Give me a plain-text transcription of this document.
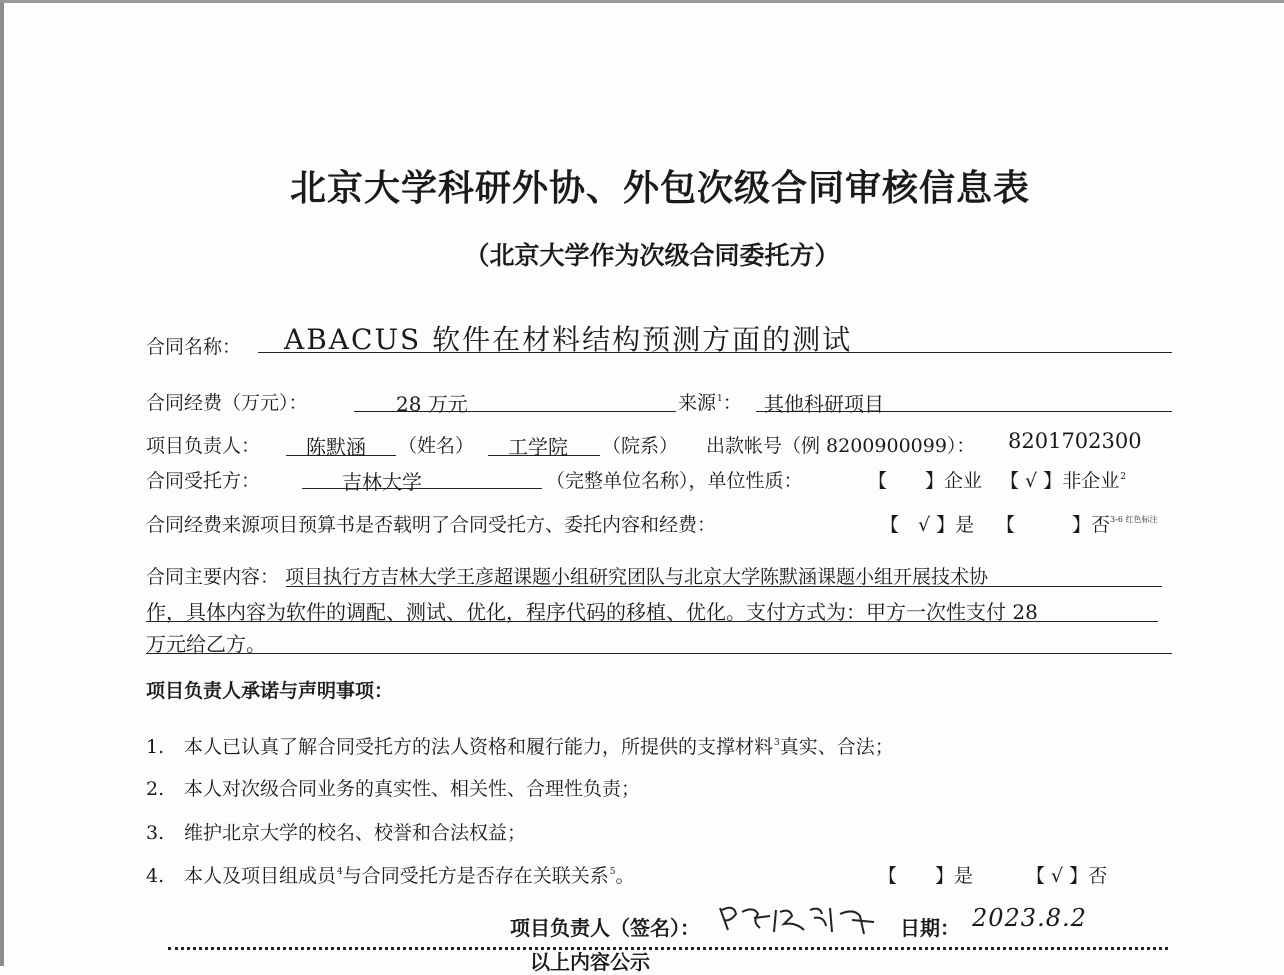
北京大学科研外协、外包次级合同审核信息表
（北京大学作为次级合同委托方）
合同名称： ABACUS 软件在材料结构预测方面的测试
合同经费（万元）：	28 万元	来源$^1$： 其他科研项目
项目负责人： 陈默涵 （姓名） 工学院 （院系） 出款帐号（例 8200900099）： 8201702300
合同受托方：	吉林大学	（完整单位名称），单位性质：	【　　】企业 【 √ 】非企业$^2$
合同经费来源项目预算书是否载明了合同受托方、委托内容和经费：	【　√ 】是 【　　　】否$^{3-6 红色标注}$
合同主要内容： 项目执行方吉林大学王彦超课题小组研究团队与北京大学陈默涵课题小组开展技术协
作，具体内容为软件的调配、测试、优化，程序代码的移植、优化。支付方式为：甲方一次性支付 28
万元给乙方。
项目负责人承诺与声明事项：
1. 本人已认真了解合同受托方的法人资格和履行能力，所提供的支撑材料$^3$真实、合法；
2. 本人对次级合同业务的真实性、相关性、合理性负责；
3. 维护北京大学的校名、校誉和合法权益；
4. 本人及项目组成员$^4$与合同受托方是否存在关联关系$^5$。	【　　】是	【 √ 】否
项目负责人（签名）：	日期： 2023.8.2
以上内容公示
